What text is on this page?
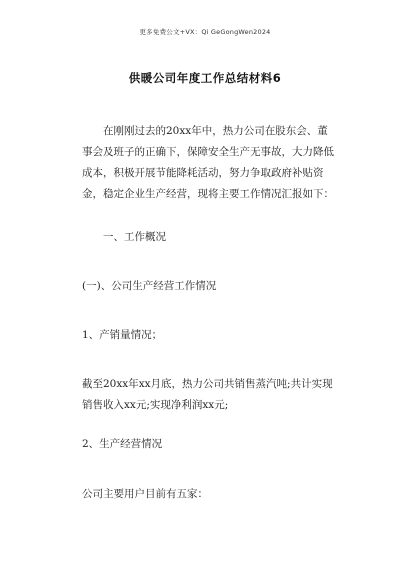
更多免费公文+VX：Qi GeGongWen2024
供暖公司年度工作总结材料6

在刚刚过去的20xx年中，热力公司在股东会、董事会及班子的正确下，保障安全生产无事故，大力降低成本，积极开展节能降耗活动，努力争取政府补贴资金，稳定企业生产经营，现将主要工作情况汇报如下：

一、工作概况

(一)、公司生产经营工作情况

1、产销量情况；

截至20xx年xx月底，热力公司共销售蒸汽吨;共计实现销售收入xx元;实现净利润xx元;

2、生产经营情况

公司主要用户目前有五家：
